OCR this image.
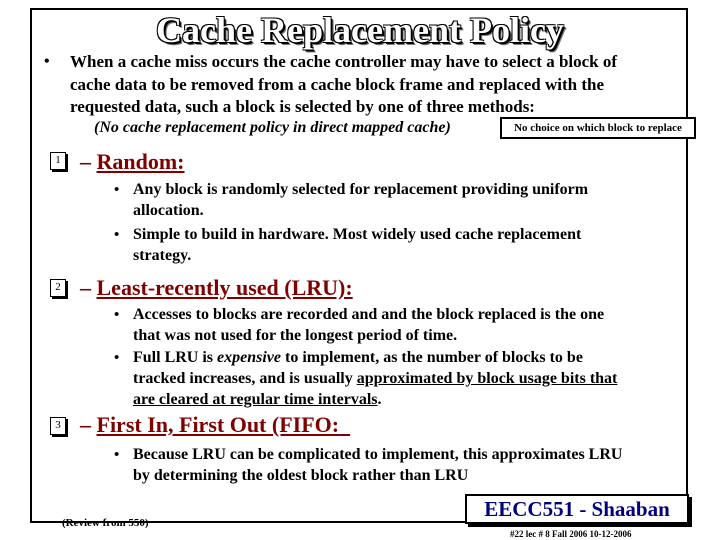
Cache Replacement Policy
• When a cache miss occurs the cache controller may have to select a block of
cache data to be removed from a cache block frame and replaced with the
requested data, such a block is selected by one of three methods:
(No cache replacement policy in direct mapped cache)	No choice on which block to replace
1 – Random:
• Any block is randomly selected for replacement providing uniform
allocation.
• Simple to build in hardware. Most widely used cache replacement
strategy.
2 – Least-recently used (LRU):
• Accesses to blocks are recorded and and the block replaced is the one
that was not used for the longest period of time.
• Full LRU is expensive to implement, as the number of blocks to be
tracked increases, and is usually approximated by block usage bits that
are cleared at regular time intervals.
3 – First In, First Out (FIFO:
• Because LRU can be complicated to implement, this approximates LRU
by determining the oldest block rather than LRU
(Review from 550)
EECC551 - Shaaban
#22 lec # 8 Fall 2006 10-12-2006
